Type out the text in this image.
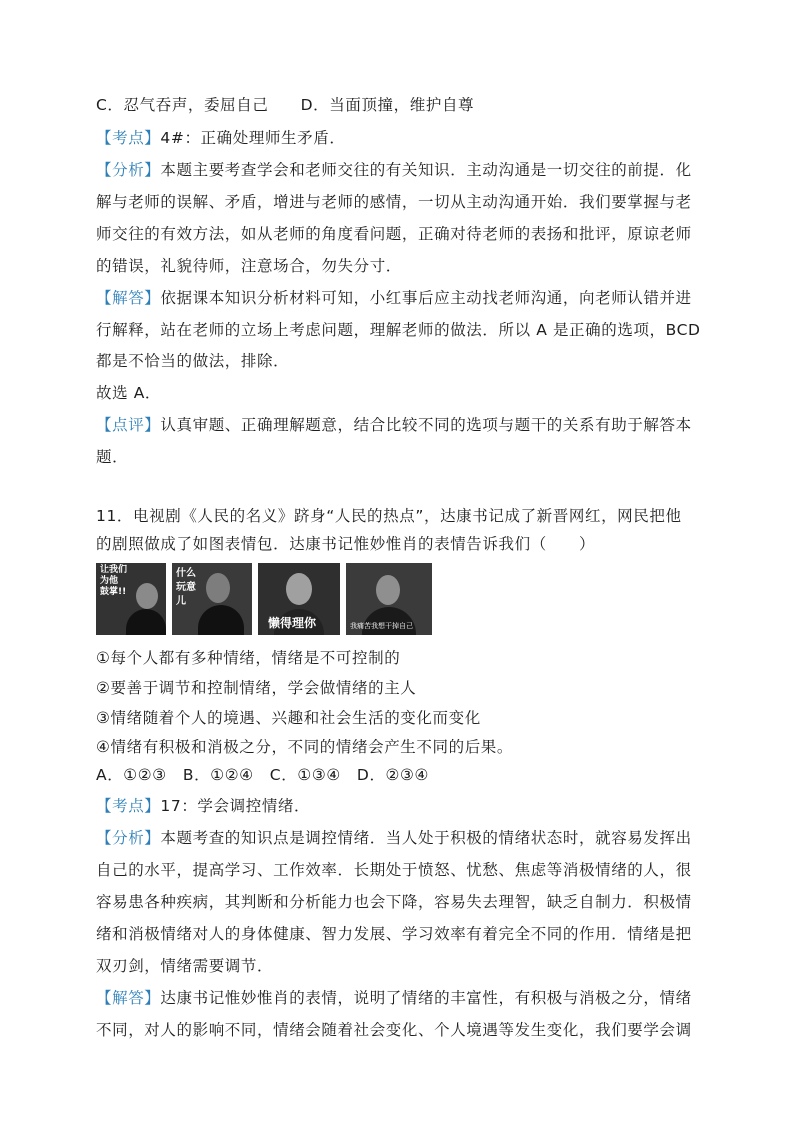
C．忍气吞声，委屈自己　　D．当面顶撞，维护自尊
【考点】4#：正确处理师生矛盾．
【分析】本题主要考查学会和老师交往的有关知识．主动沟通是一切交往的前提．化
解与老师的误解、矛盾，增进与老师的感情，一切从主动沟通开始．我们要掌握与老
师交往的有效方法，如从老师的角度看问题，正确对待老师的表扬和批评，原谅老师
的错误，礼貌待师，注意场合，勿失分寸．
【解答】依据课本知识分析材料可知，小红事后应主动找老师沟通，向老师认错并进
行解释，站在老师的立场上考虑问题，理解老师的做法．所以 A 是正确的选项，BCD
都是不恰当的做法，排除．
故选 A．
【点评】认真审题、正确理解题意，结合比较不同的选项与题干的关系有助于解答本
题．
11．电视剧《人民的名义》跻身“人民的热点”，达康书记成了新晋网红，网民把他
的剧照做成了如图表情包．达康书记惟妙惟肖的表情告诉我们（　　）
让我们
为他
鼓掌!!
什么
玩意
儿
懒得理你	我痛苦我想干掉自己
①每个人都有多种情绪，情绪是不可控制的
②要善于调节和控制情绪，学会做情绪的主人
③情绪随着个人的境遇、兴趣和社会生活的变化而变化
④情绪有积极和消极之分，不同的情绪会产生不同的后果。
A．①②③　B．①②④　C．①③④　D．②③④
【考点】17：学会调控情绪．
【分析】本题考查的知识点是调控情绪．当人处于积极的情绪状态时，就容易发挥出
自己的水平，提高学习、工作效率．长期处于愤怒、忧愁、焦虑等消极情绪的人，很
容易患各种疾病，其判断和分析能力也会下降，容易失去理智，缺乏自制力．积极情
绪和消极情绪对人的身体健康、智力发展、学习效率有着完全不同的作用．情绪是把
双刃剑，情绪需要调节．
【解答】达康书记惟妙惟肖的表情，说明了情绪的丰富性，有积极与消极之分，情绪
不同，对人的影响不同，情绪会随着社会变化、个人境遇等发生变化，我们要学会调
